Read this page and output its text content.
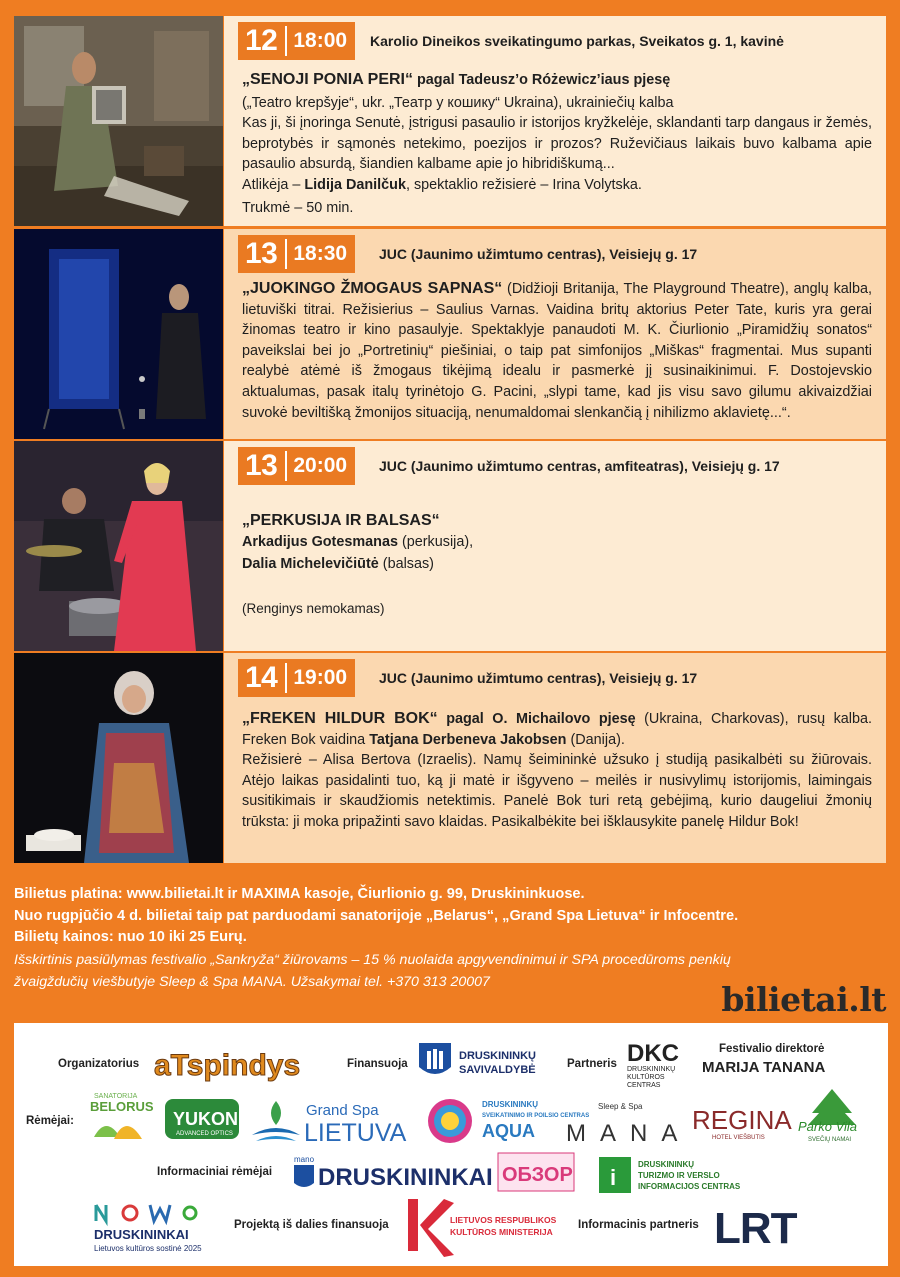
12 18:00	Karolio Dineikos sveikatingumo parkas, Sveikatos g. 1, kavinė

„SENOJI PONIA PERI“ pagal Tadeusz’o Różewicz’iaus pjesę

(„Teatro krepšyje“, ukr. „Театр у кошику“ Ukraina), ukrainiečių kalba

Kas ji, ši įnoringa Senutė, įstrigusi pasaulio ir istorijos kryžkelėje, sklandanti tarp dangaus ir žemės, beprotybės ir sąmonės netekimo, poezijos ir prozos? Ruževičiaus laikais buvo kalbama apie pasaulio absurdą, šiandien kalbame apie jo hibridiškumą...

Atlikėja – Lidija Danilčuk, spektaklio režisierė – Irina Volytska.

Trukmė – 50 min.

13 18:30	JUC (Jaunimo užimtumo centras), Veisiejų g. 17

„JUOKINGO ŽMOGAUS SAPNAS“ (Didžioji Britanija, The Playground Theatre), anglų kalba, lietuviški titrai. Režisierius – Saulius Varnas. Vaidina britų aktorius Peter Tate, kuris yra gerai žinomas teatro ir kino pasaulyje. Spektaklyje panaudoti M. K. Čiurlionio „Piramidžių sonatos“ paveikslai bei jo „Portretinių“ piešiniai, o taip pat simfonijos „Miškas“ fragmentai. Mus supanti realybė atėmė iš žmogaus tikėjimą idealu ir pasmerkė jį susinaikinimui. F. Dostojevskio aktualumas, pasak italų tyrinėtojo G. Pacini, „slypi tame, kad jis visu savo gilumu akivaizdžiai suvokė beviltišką žmonijos situaciją, nenumaldomai slenkančią į nihilizmo aklavietę...“.

13 20:00	JUC (Jaunimo užimtumo centras, amfiteatras), Veisiejų g. 17

„PERKUSIJA IR BALSAS“

Arkadijus Gotesmanas (perkusija),

Dalia Michelevičiūtė (balsas)

(Renginys nemokamas)
14 19:00	JUC (Jaunimo užimtumo centras), Veisiejų g. 17

„FREKEN HILDUR BOK“ pagal O. Michailovo pjesę (Ukraina, Charkovas), rusų kalba. Freken Bok vaidina Tatjana Derbeneva Jakobsen (Danija).

Režisierė – Alisa Bertova (Izraelis). Namų šeimininkė užsuko į studiją pasikalbėti su žiūrovais. Atėjo laikas pasidalinti tuo, ką ji matė ir išgyveno – meilės ir nusivylimų istorijomis, laimingais susitikimais ir skaudžiomis netektimis. Panelė Bok turi retą gebėjimą, kurio daugeliui žmonių trūksta: ji moka pripažinti savo klaidas. Pasikalbėkite bei išklausykite panelę Hildur Bok!

Bilietus platina: www.bilietai.lt ir MAXIMA kasoje, Čiurlionio g. 99, Druskininkuose.
Nuo rugpjūčio 4 d. bilietai taip pat parduodami sanatorijoje „Belarus“, „Grand Spa Lietuva“ ir Infocentre.
Bilietų kainos: nuo 10 iki 25 Eurų.
Išskirtinis pasiūlymas festivalio „Sankryža“ žiūrovams – 15 % nuolaida apgyvendinimui ir SPA procedūroms penkių
žvaigždučių viešbutyje Sleep & Spa MANA. Užsakymai tel. +370 313 20007	bilietai.lt
Organizatorius aTspindys	Finansuoja
DRUSKININKŲ
SAVIVALDYBĖ	Partneris DKC
DRUSKININKŲ
KULTŪROS
CENTRAS
Festivalio direktorė
MARIJA TANANA
Rėmėjai:
SANATORIJA
BELORUS
YUKON
ADVANCED OPTICS
Grand Spa
LIETUVA
DRUSKININKŲ
SVEIKATINIMO IR POILSIO CENTRAS
AQUA
Sleep & Spa
MANA REGINA
HOTEL VIEŠBUTIS
Parko Vila
SVEČIŲ NAMAI
Informaciniai rėmėjai
mano
DRUSKININKAI ОБЗОР i
DRUSKININKŲ
TURIZMO IR VERSLO
INFORMACIJOS CENTRAS
DRUSKININKAI
Lietuvos kultūros sostinė 2025
Projektą iš dalies finansuoja	LIETUVOS RESPUBLIKOS
KULTŪROS MINISTERIJA
Informacinis partneris LRT
